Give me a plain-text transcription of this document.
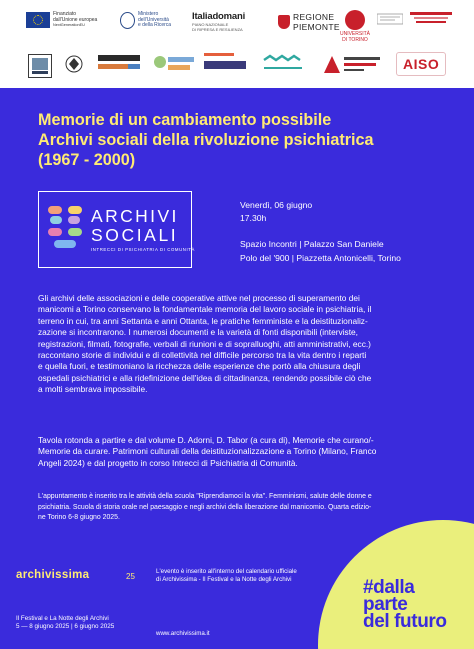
Finanziato
dall'Unione europea
NextGenerationEU
Ministero
dell'Università
e della Ricerca
Italiadomani
PIANO NAZIONALE
DI RIPRESA E RESILIENZA
REGIONE
PIEMONTE
UNIVERSITÀ
DI TORINO
AISO
Memorie di un cambiamento possibile
Archivi sociali della rivoluzione psichiatrica
(1967 - 2000)
ARCHIVI
SOCIALI
INTRECCI DI PSICHIATRIA DI COMUNITÀ
Venerdì, 06 giugno
17.30h
Spazio Incontri | Palazzo San Daniele
Polo del '900 | Piazzetta Antonicelli, Torino

Gli archivi delle associazioni e delle cooperative attive nel processo di superamento dei
manicomi a Torino conservano la fondamentale memoria del lavoro sociale in psichiatria, il
terreno in cui, tra anni Settanta e anni Ottanta, le pratiche femministe e la deistituzionaliz-
zazione si incontrarono. I numerosi documenti e la varietà di fonti disponibili (interviste,
registrazioni, filmati, fotografie, verbali di riunioni e di sopralluoghi, atti amministrativi, ecc.)
raccontano storie di individui e di collettività nel difficile percorso tra la vita dentro i reparti
e quella fuori, e testimoniano la ricchezza delle esperienze che portò alla chiusura degli
ospedali psichiatrici e alla ridefinizione dell'idea di cittadinanza, rendendo possibile ciò che
a molti sembrava impossibile.

Tavola rotonda a partire e dal volume D. Adorni, D. Tabor (a cura di), Memorie che curano/-
Memorie da curare. Patrimoni culturali della deistituzionalizzazione a Torino (Milano, Franco
Angeli 2024) e dal progetto in corso Intrecci di Psichiatria di Comunità.

L'appuntamento è inserito tra le attività della scuola "Riprendiamoci la vita". Femminismi, salute delle donne e
psichiatria. Scuola di storia orale nel paesaggio e negli archivi della liberazione dal manicomio. Quarta edizio-
ne Torino 6-8 giugno 2025.

archivissima	25
L'evento è inserito all'interno del calendario ufficiale
di Archivissima - Il Festival e la Notte degli Archivi
Il Festival e La Notte degli Archivi
5 — 8 giugno 2025 | 6 giugno 2025
www.archivissima.it
#dalla
parte
del futuro
